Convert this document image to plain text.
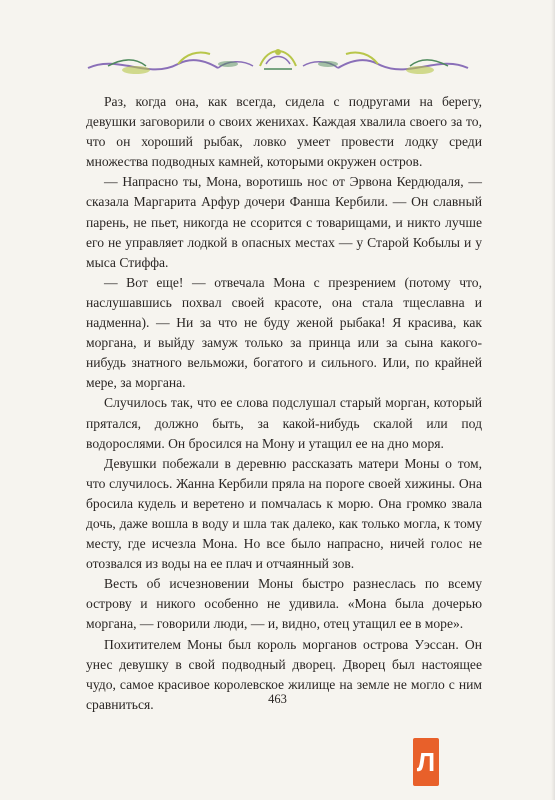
Раз, когда она, как всегда, сидела с подругами на берегу, девушки заговорили о своих женихах. Каждая хвалила своего за то, что он хороший рыбак, ловко умеет провести лодку среди множества подводных камней, которыми окружен остров.

— Напрасно ты, Мона, воротишь нос от Эрвона Кердюдаля, — сказала Маргарита Арфур дочери Фанша Кербили. — Он славный парень, не пьет, никогда не ссорится с товарищами, и никто лучше его не управляет лодкой в опасных местах — у Старой Кобылы и у мыса Стиффа.

— Вот еще! — отвечала Мона с презрением (потому что, наслушавшись похвал своей красоте, она стала тщеславна и надменна). — Ни за что не буду женой рыбака! Я красива, как моргана, и выйду замуж только за принца или за сына какого-нибудь знатного вельможи, богатого и сильного. Или, по крайней мере, за моргана.

Случилось так, что ее слова подслушал старый морган, который прятался, должно быть, за какой-нибудь скалой или под водорослями. Он бросился на Мону и утащил ее на дно моря.

Девушки побежали в деревню рассказать матери Моны о том, что случилось. Жанна Кербили пряла на пороге своей хижины. Она бросила кудель и веретено и помчалась к морю. Она громко звала дочь, даже вошла в воду и шла так далеко, как только могла, к тому месту, где исчезла Мона. Но все было напрасно, ничей голос не отозвался из воды на ее плач и отчаянный зов.

Весть об исчезновении Моны быстро разнеслась по всему острову и никого особенно не удивила. «Мона была дочерью моргана, — говорили люди, — и, видно, отец утащил ее в море».

Похитителем Моны был король морганов острова Уэссан. Он унес девушку в свой подводный дворец. Дворец был настоящее чудо, самое красивое королевское жилище на земле не могло с ним сравниться.	463
Л
